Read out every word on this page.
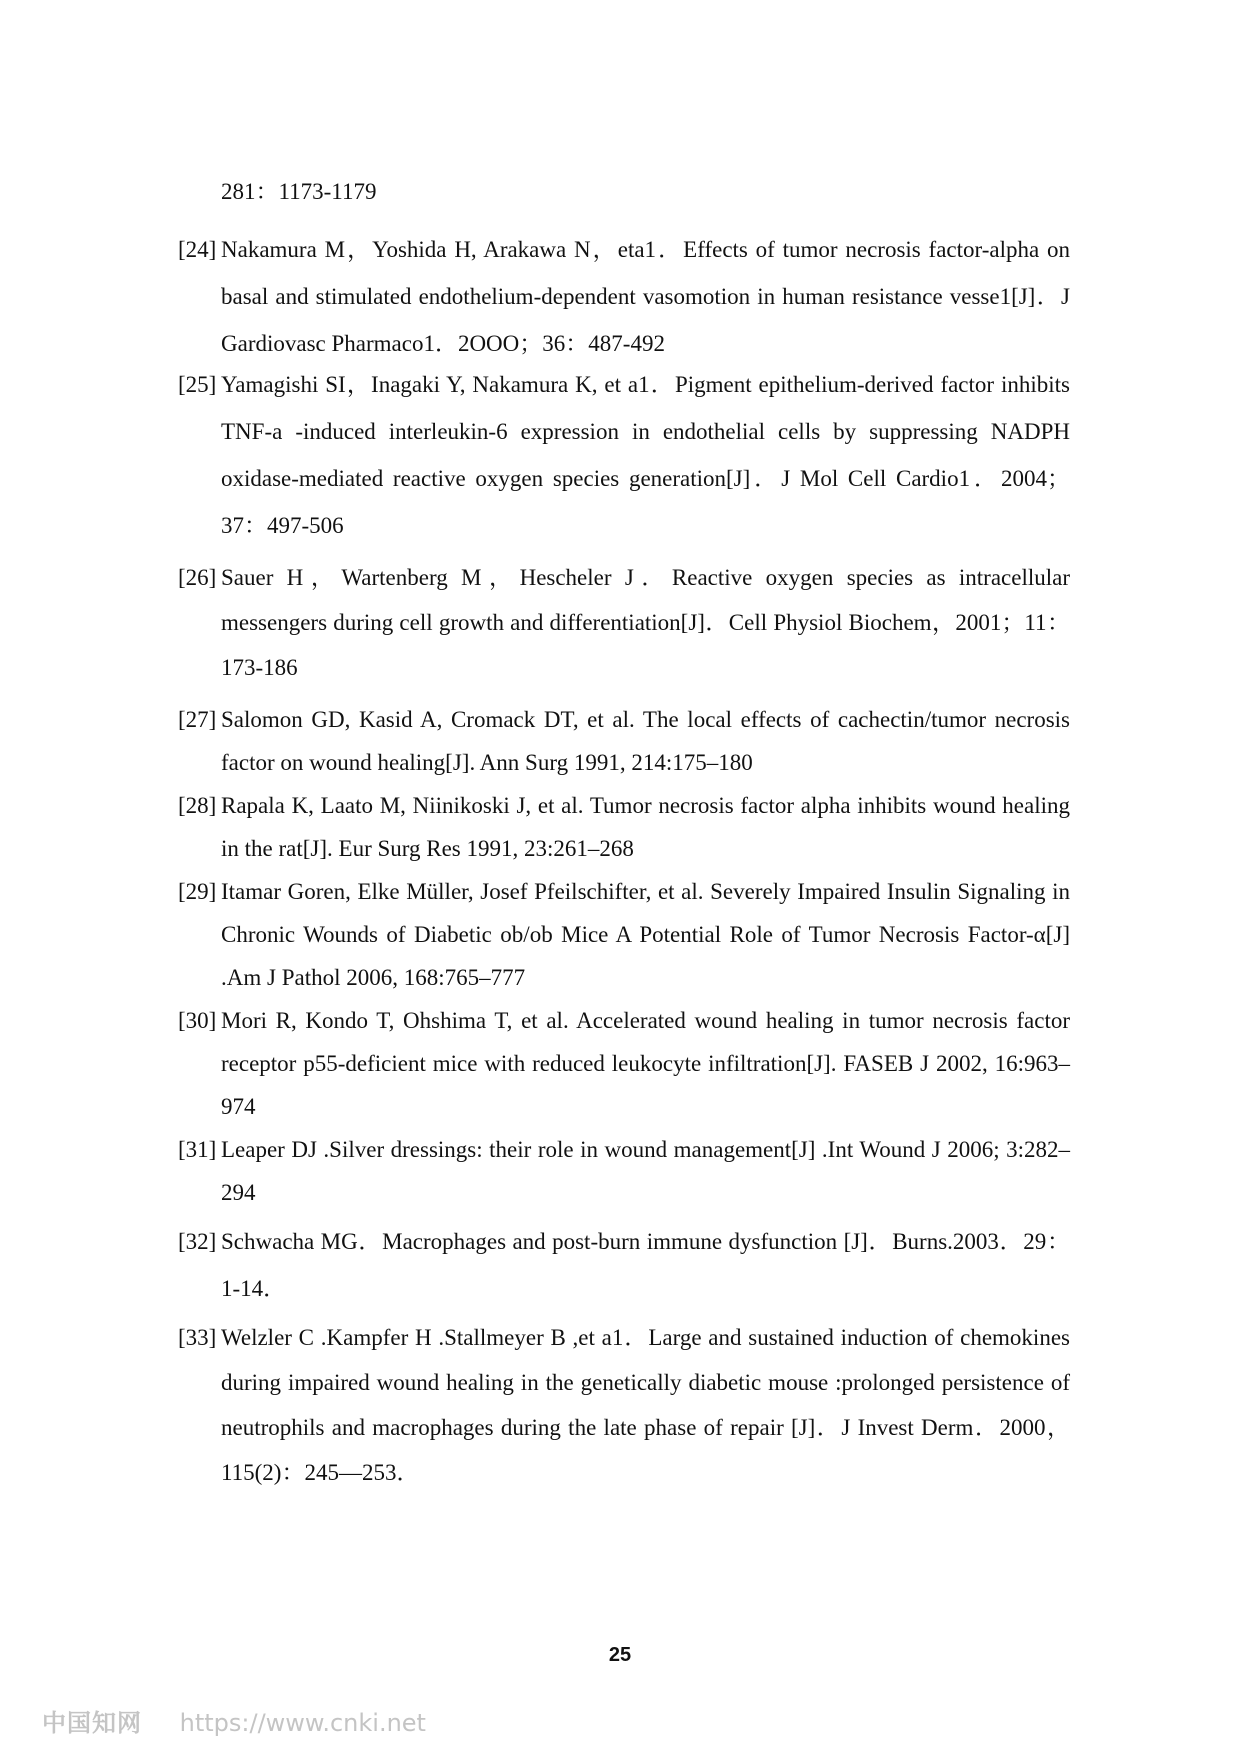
281：1173-1179
[24] Nakamura M，Yoshida H, Arakawa N，eta1．Effects of tumor necrosis factor-alpha on basal and stimulated endothelium-dependent vasomotion in human resistance vesse1[J]．J Gardiovasc Pharmaco1．2OOO；36：487-492
[25] Yamagishi SI，Inagaki Y, Nakamura K, et a1．Pigment epithelium-derived factor inhibits TNF-a -induced interleukin-6 expression in endothelial cells by suppressing NADPH oxidase-mediated reactive oxygen species generation[J]．J Mol Cell Cardio1．2004；37：497-506
[26] Sauer H，Wartenberg M，Hescheler J．Reactive oxygen species as intracellular messengers during cell growth and differentiation[J]．Cell Physiol Biochem，2001；11：173-186
[27] Salomon GD, Kasid A, Cromack DT, et al. The local effects of cachectin/tumor necrosis factor on wound healing[J]. Ann Surg 1991, 214:175–180
[28] Rapala K, Laato M, Niinikoski J, et al. Tumor necrosis factor alpha inhibits wound healing in the rat[J]. Eur Surg Res 1991, 23:261–268
[29] Itamar Goren, Elke Müller, Josef Pfeilschifter, et al. Severely Impaired Insulin Signaling in Chronic Wounds of Diabetic ob/ob Mice A Potential Role of Tumor Necrosis Factor-α[J] .Am J Pathol 2006, 168:765–777
[30] Mori R, Kondo T, Ohshima T, et al. Accelerated wound healing in tumor necrosis factor receptor p55-deficient mice with reduced leukocyte infiltration[J]. FASEB J 2002, 16:963–974
[31] Leaper DJ .Silver dressings: their role in wound management[J] .Int Wound J 2006; 3:282–294
[32] Schwacha MG．Macrophages and post-burn immune dysfunction [J]．Burns.2003．29：1-14．
[33] Welzler C .Kampfer H .Stallmeyer B ,et a1．Large and sustained induction of chemokines during impaired wound healing in the genetically diabetic mouse :prolonged persistence of neutrophils and macrophages during the late phase of repair [J]．J Invest Derm．2000，115(2)：245—253．
25
中国知网 https://www.cnki.net
